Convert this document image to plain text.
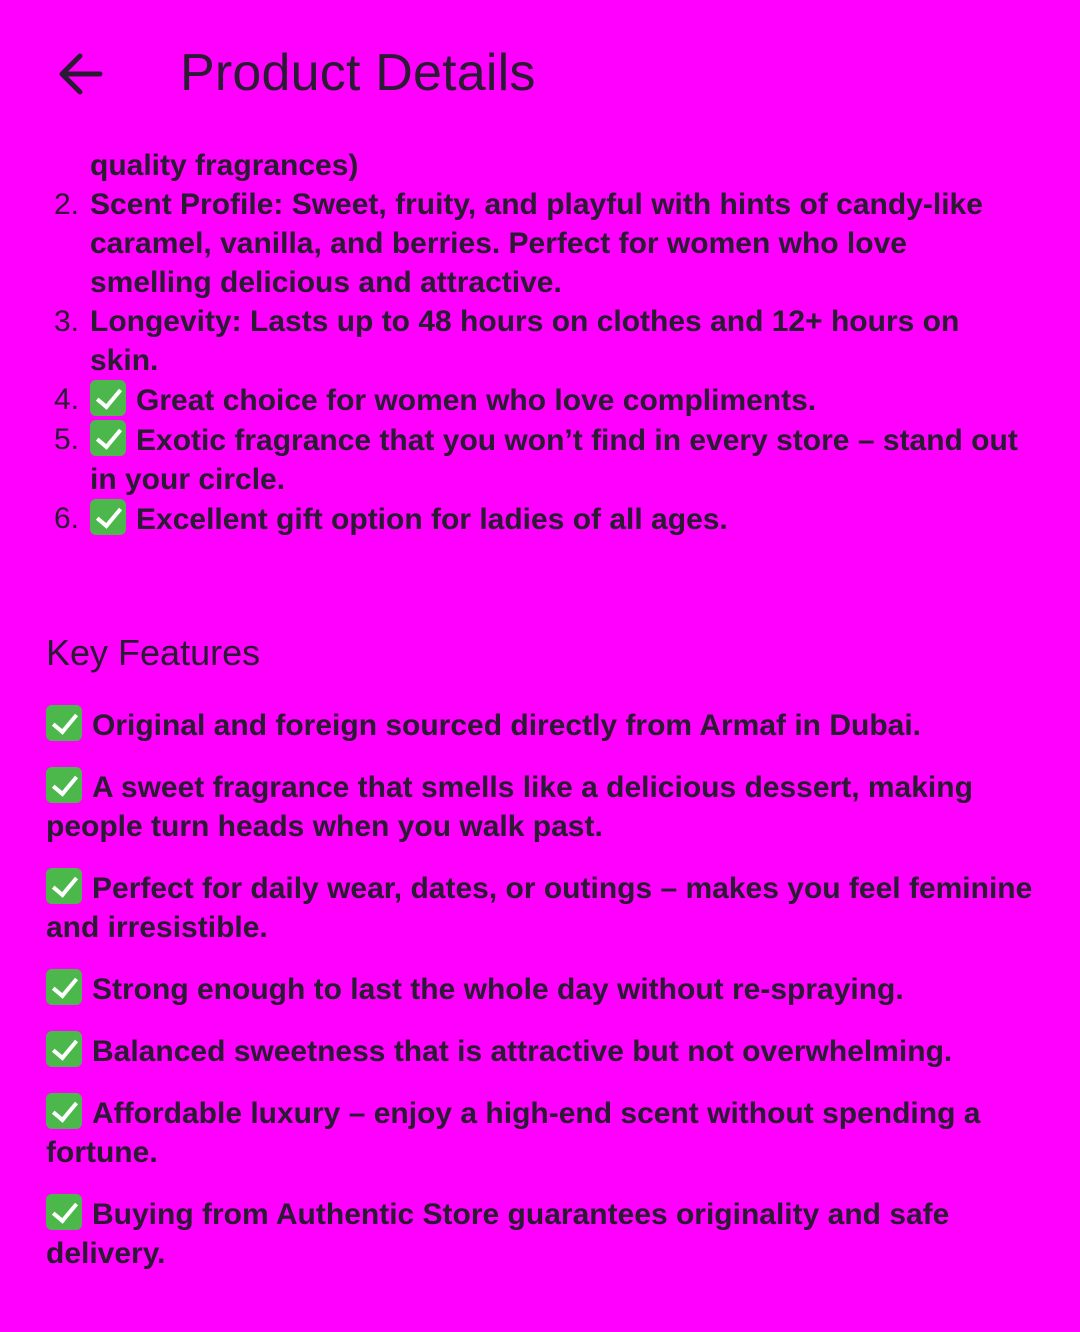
Product Details
quality fragrances)
2. Scent Profile: Sweet, fruity, and playful with hints of candy-like caramel, vanilla, and berries. Perfect for women who love smelling delicious and attractive.
3. Longevity: Lasts up to 48 hours on clothes and 12+ hours on skin.
4.	Great choice for women who love compliments.
5.	Exotic fragrance that you won’t find in every store – stand out in your circle.
6.	Excellent gift option for ladies of all ages.
Key Features

Original and foreign sourced directly from Armaf in Dubai.

A sweet fragrance that smells like a delicious dessert, making people turn heads when you walk past.

Perfect for daily wear, dates, or outings – makes you feel feminine and irresistible.

Strong enough to last the whole day without re-spraying.

Balanced sweetness that is attractive but not overwhelming.

Affordable luxury – enjoy a high-end scent without spending a fortune.

Buying from Authentic Store guarantees originality and safe delivery.
